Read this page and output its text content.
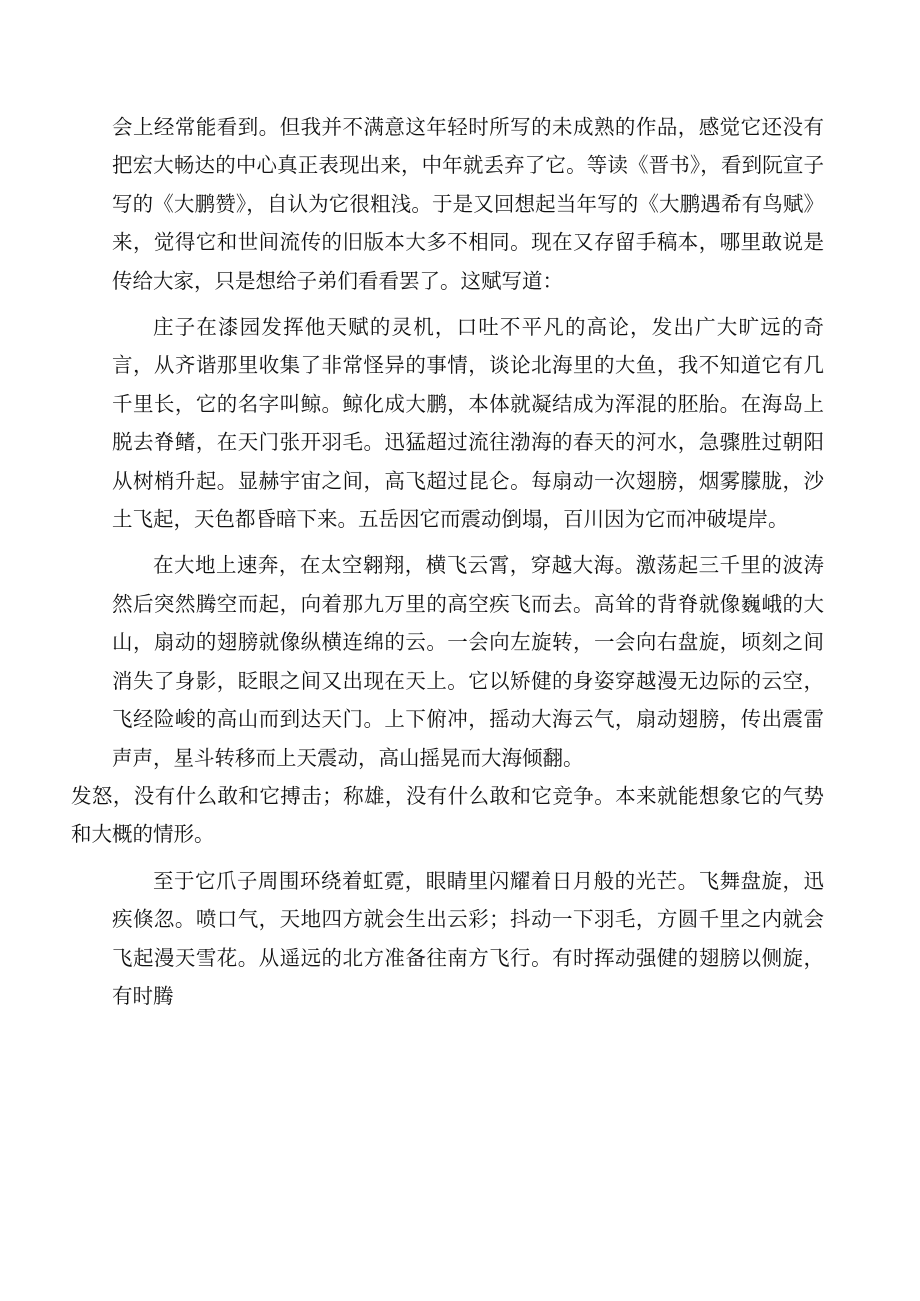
会上经常能看到。但我并不满意这年轻时所写的未成熟的作品，感觉它还没有把宏大畅达的中心真正表现出来，中年就丢弃了它。等读《晋书》，看到阮宣子写的《大鹏赞》，自认为它很粗浅。于是又回想起当年写的《大鹏遇希有鸟赋》来，觉得它和世间流传的旧版本大多不相同。现在又存留手稿本，哪里敢说是传给大家，只是想给子弟们看看罢了。这赋写道：

庄子在漆园发挥他天赋的灵机，口吐不平凡的高论，发出广大旷远的奇言，从齐谐那里收集了非常怪异的事情，谈论北海里的大鱼，我不知道它有几千里长，它的名字叫鲸。鲸化成大鹏，本体就凝结成为浑混的胚胎。在海岛上脱去脊鳍，在天门张开羽毛。迅猛超过流往渤海的春天的河水，急骤胜过朝阳从树梢升起。显赫宇宙之间，高飞超过昆仑。每扇动一次翅膀，烟雾朦胧，沙土飞起，天色都昏暗下来。五岳因它而震动倒塌，百川因为它而冲破堤岸。

在大地上速奔，在太空翱翔，横飞云霄，穿越大海。激荡起三千里的波涛然后突然腾空而起，向着那九万里的高空疾飞而去。高耸的背脊就像巍峨的大山，扇动的翅膀就像纵横连绵的云。一会向左旋转，一会向右盘旋，顷刻之间消失了身影，眨眼之间又出现在天上。它以矫健的身姿穿越漫无边际的云空，飞经险峻的高山而到达天门。上下俯冲，摇动大海云气，扇动翅膀，传出震雷声声，星斗转移而上天震动，高山摇晃而大海倾翻。

发怒，没有什么敢和它搏击；称雄，没有什么敢和它竞争。本来就能想象它的气势和大概的情形。

至于它爪子周围环绕着虹霓，眼睛里闪耀着日月般的光芒。飞舞盘旋，迅疾倏忽。喷口气，天地四方就会生出云彩；抖动一下羽毛，方圆千里之内就会飞起漫天雪花。从遥远的北方准备往南方飞行。有时挥动强健的翅膀以侧旋，有时腾
